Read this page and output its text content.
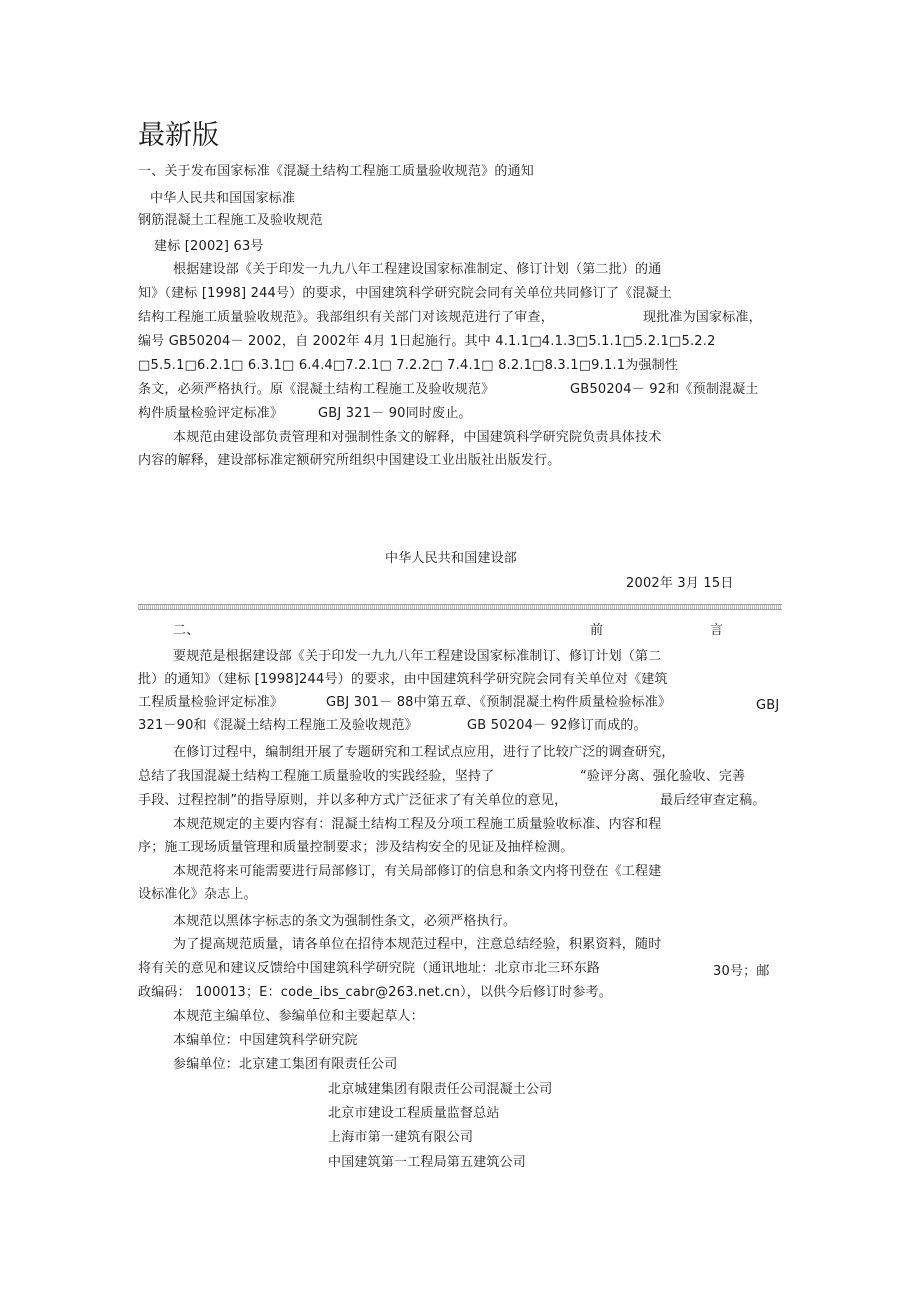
最新版
一、关于发布国家标准《混凝土结构工程施工质量验收规范》的通知
中华人民共和国国家标准
钢筋混凝土工程施工及验收规范
建标 [2002] 63号
根据建设部《关于印发一九九八年工程建设国家标准制定、修订计划（第二批）的通
知》（建标 [1998] 244号）的要求，中国建筑科学研究院会同有关单位共同修订了《混凝土
结构工程施工质量验收规范》。我部组织有关部门对该规范进行了审查，	现批准为国家标准，
编号 GB50204－ 2002，自 2002年 4月 1日起施行。其中 4.1.1□4.1.3□5.1.1□5.2.1□5.2.2
□5.5.1□6.2.1□ 6.3.1□ 6.4.4□7.2.1□ 7.2.2□ 7.4.1□ 8.2.1□8.3.1□9.1.1为强制性
条文，必须严格执行。原《混凝土结构工程施工及验收规范》	GB50204－ 92和《预制混凝土
构件质量检验评定标准》	GBJ 321－ 90同时废止。
本规范由建设部负责管理和对强制性条文的解释，中国建筑科学研究院负责具体技术
内容的解释，建设部标准定额研究所组织中国建设工业出版社出版发行。
中华人民共和国建设部
2002年 3月 15日
二、	前	言
要规范是根据建设部《关于印发一九九八年工程建设国家标准制订、修订计划（第二
批）的通知》（建标 [1998]244号）的要求，由中国建筑科学研究院会同有关单位对《建筑
工程质量检验评定标准》	GBJ 301－ 88中第五章、《预制混凝土构件质量检验标准》	GBJ
321－90和《混凝土结构工程施工及验收规范》	GB 50204－ 92修订而成的。
在修订过程中，编制组开展了专题研究和工程试点应用，进行了比较广泛的调查研究，
总结了我国混凝土结构工程施工质量验收的实践经验，坚持了	“验评分离、强化验收、完善
手段、过程控制”的指导原则，并以多种方式广泛征求了有关单位的意见，	最后经审查定稿。
本规范规定的主要内容有：混凝土结构工程及分项工程施工质量验收标准、内容和程
序；施工现场质量管理和质量控制要求；涉及结构安全的见证及抽样检测。
本规范将来可能需要进行局部修订，有关局部修订的信息和条文内将刊登在《工程建
设标准化》杂志上。
本规范以黑体字标志的条文为强制性条文，必须严格执行。
为了提高规范质量，请各单位在招待本规范过程中，注意总结经验，积累资料，随时
将有关的意见和建议反馈给中国建筑科学研究院（通讯地址：北京市北三环东路	30号；邮
政编码： 100013；E：code_ibs_cabr@263.net.cn），以供今后修订时参考。
本规范主编单位、参编单位和主要起草人：
本编单位：中国建筑科学研究院
参编单位：北京建工集团有限责任公司
北京城建集团有限责任公司混凝土公司
北京市建设工程质量监督总站
上海市第一建筑有限公司
中国建筑第一工程局第五建筑公司
